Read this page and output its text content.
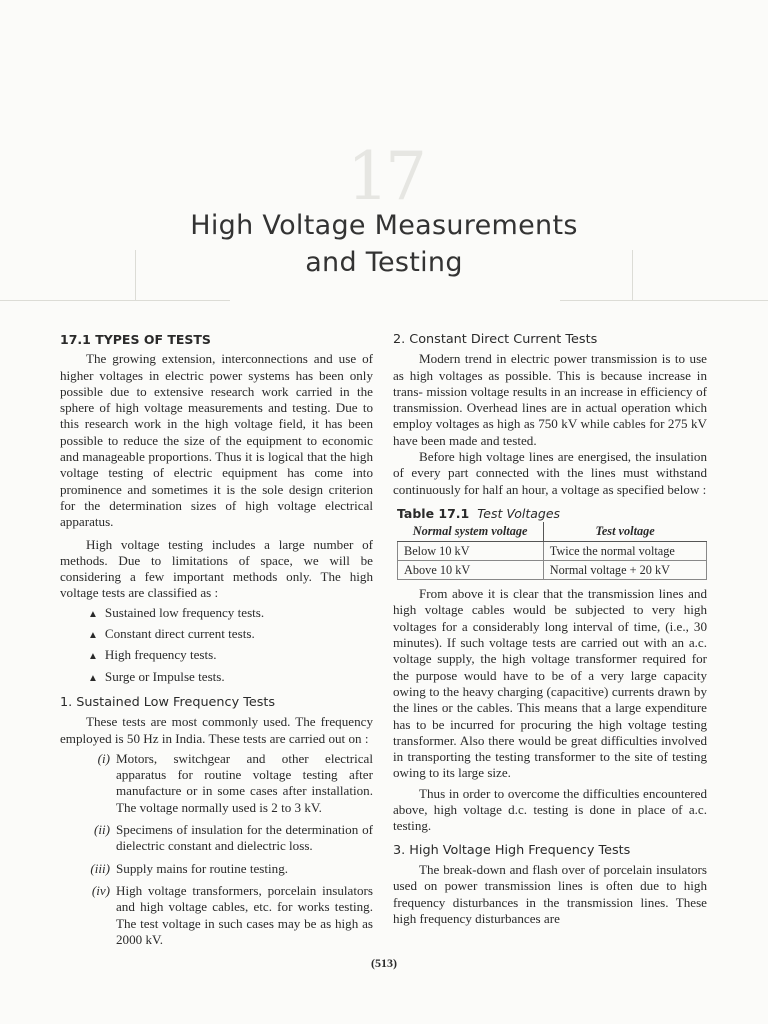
17
High Voltage Measurements
and Testing
17.1 TYPES OF TESTS

The growing extension, interconnections and use of higher voltages in electric power systems has been only possible due to extensive research work carried in the sphere of high voltage measurements and testing. Due to this research work in the high voltage field, it has been possible to reduce the size of the equipment to economic and manageable proportions. Thus it is logical that the high voltage testing of electric equipment has come into prominence and sometimes it is the sole design criterion for the determination sizes of high voltage electrical apparatus.

High voltage testing includes a large number of methods. Due to limitations of space, we will be considering a few important methods only. The high voltage tests are classified as :

▲ Sustained low frequency tests.
▲ Constant direct current tests.
▲ High frequency tests.
▲ Surge or Impulse tests.
1. Sustained Low Frequency Tests

These tests are most commonly used. The frequency employed is 50 Hz in India. These tests are carried out on :

(i) Motors, switchgear and other electrical apparatus for routine voltage testing after manufacture or in some cases after installation. The voltage normally used is 2 to 3 kV.
(ii) Specimens of insulation for the determination of dielectric constant and dielectric loss.
(iii) Supply mains for routine testing.
(iv) High voltage transformers, porcelain insulators and high voltage cables, etc. for works testing. The test voltage in such cases may be as high as 2000 kV.
2. Constant Direct Current Tests

Modern trend in electric power transmission is to use as high voltages as possible. This is because increase in trans- mission voltage results in an increase in efficiency of transmission. Overhead lines are in actual operation which employ voltages as high as 750 kV while cables for 275 kV have been made and tested.

Before high voltage lines are energised, the insulation of every part connected with the lines must withstand continuously for half an hour, a voltage as specified below :

Table 17.1 Test Voltages
Normal system voltage	Test voltage
Below 10 kV	Twice the normal voltage
Above 10 kV	Normal voltage + 20 kV

From above it is clear that the transmission lines and high voltage cables would be subjected to very high voltages for a considerably long interval of time, (i.e., 30 minutes). If such voltage tests are carried out with an a.c. voltage supply, the high voltage transformer required for the purpose would have to be of a very large capacity owing to the heavy charging (capacitive) currents drawn by the lines or the cables. This means that a large expenditure has to be incurred for procuring the high voltage testing transformer. Also there would be great difficulties involved in transporting the testing transformer to the site of testing owing to its large size.

Thus in order to overcome the difficulties encountered above, high voltage d.c. testing is done in place of a.c. testing.

3. High Voltage High Frequency Tests

The break-down and flash over of porcelain insulators used on power transmission lines is often due to high frequency disturbances in the transmission lines. These high frequency disturbances are

(513)
